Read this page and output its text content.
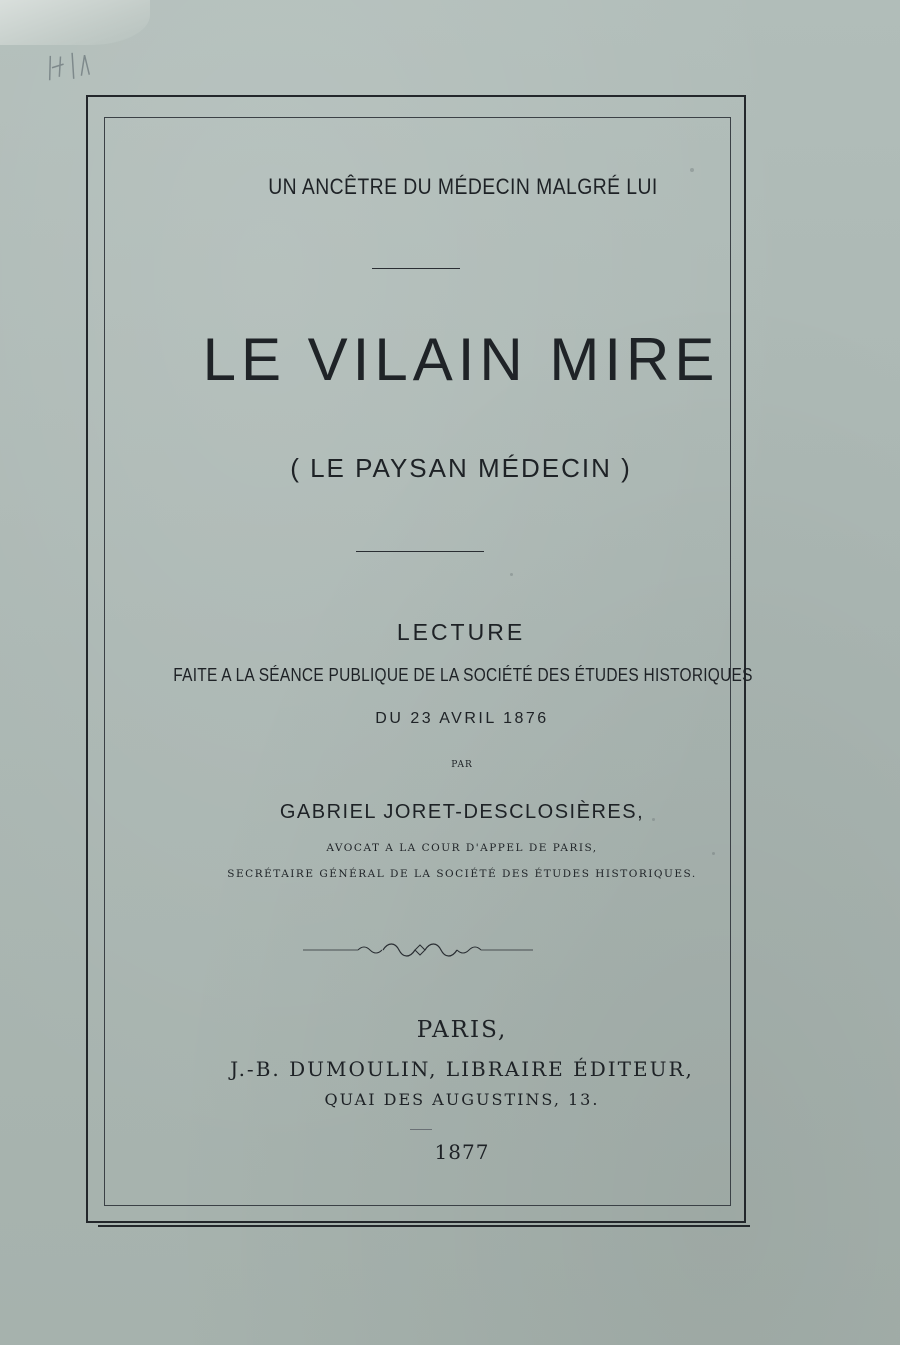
UN ANCÊTRE DU MÉDECIN MALGRÉ LUI
LE VILAIN MIRE
( LE PAYSAN MÉDECIN )
LECTURE
FAITE A LA SÉANCE PUBLIQUE DE LA SOCIÉTÉ DES ÉTUDES HISTORIQUES
DU 23 AVRIL 1876
PAR
GABRIEL JORET-DESCLOSIÈRES,
AVOCAT A LA COUR D'APPEL DE PARIS,
SECRÉTAIRE GÉNÉRAL DE LA SOCIÉTÉ DES ÉTUDES HISTORIQUES.
PARIS,
J.-B. DUMOULIN, LIBRAIRE ÉDITEUR,
QUAI DES AUGUSTINS, 13.
1877
